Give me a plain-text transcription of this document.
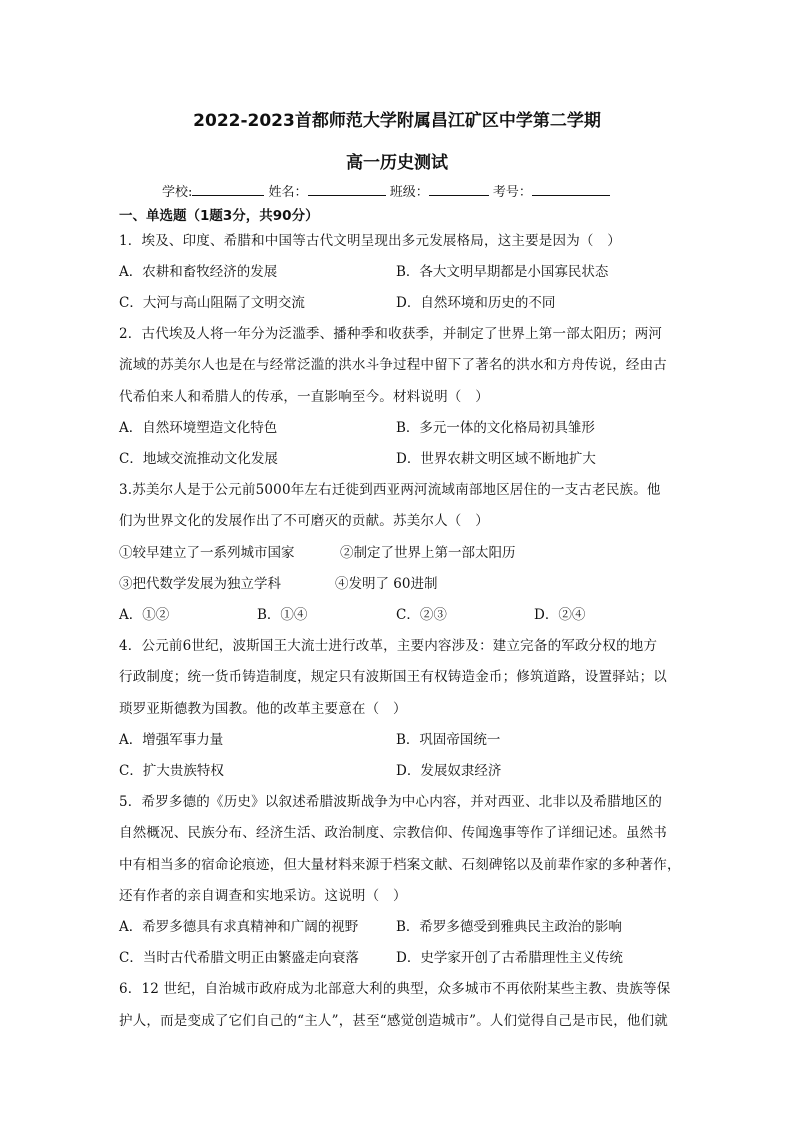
2022-2023首都师范大学附属昌江矿区中学第二学期
高一历史测试
学校:	姓名：	班级：	考号：
一、单选题（1题3分，共90分）
1．埃及、印度、希腊和中国等古代文明呈现出多元发展格局，这主要是因为（　）
A．农耕和畜牧经济的发展	B．各大文明早期都是小国寡民状态
C．大河与高山阻隔了文明交流	D．自然环境和历史的不同
2．古代埃及人将一年分为泛滥季、播种季和收获季，并制定了世界上第一部太阳历；两河
流域的苏美尔人也是在与经常泛滥的洪水斗争过程中留下了著名的洪水和方舟传说，经由古
代希伯来人和希腊人的传承，一直影响至今。材料说明（　）
A．自然环境塑造文化特色	B．多元一体的文化格局初具雏形
C．地域交流推动文化发展	D．世界农耕文明区域不断地扩大
3.苏美尔人是于公元前5000年左右迁徙到西亚两河流域南部地区居住的一支古老民族。他
们为世界文化的发展作出了不可磨灭的贡献。苏美尔人（　）
①较早建立了一系列城市国家	②制定了世界上第一部太阳历
③把代数学发展为独立学科	④发明了 60进制
A．①②	B．①④	C．②③	D．②④
4．公元前6世纪，波斯国王大流士进行改革，主要内容涉及：建立完备的军政分权的地方
行政制度；统一货币铸造制度，规定只有波斯国王有权铸造金币；修筑道路，设置驿站；以
琐罗亚斯德教为国教。他的改革主要意在（　）
A．增强军事力量	B．巩固帝国统一
C．扩大贵族特权	D．发展奴隶经济
5．希罗多德的《历史》以叙述希腊波斯战争为中心内容，并对西亚、北非以及希腊地区的
自然概况、民族分布、经济生活、政治制度、宗教信仰、传闻逸事等作了详细记述。虽然书
中有相当多的宿命论痕迹，但大量材料来源于档案文献、石刻碑铭以及前辈作家的多种著作，
还有作者的亲自调查和实地采访。这说明（　）
A．希罗多德具有求真精神和广阔的视野	B．希罗多德受到雅典民主政治的影响
C．当时古代希腊文明正由繁盛走向衰落	D．史学家开创了古希腊理性主义传统
6．12 世纪，自治城市政府成为北部意大利的典型，众多城市不再依附某些主教、贵族等保
护人，而是变成了它们自己的“主人”，甚至“感觉创造城市”。人们觉得自己是市民，他们就
